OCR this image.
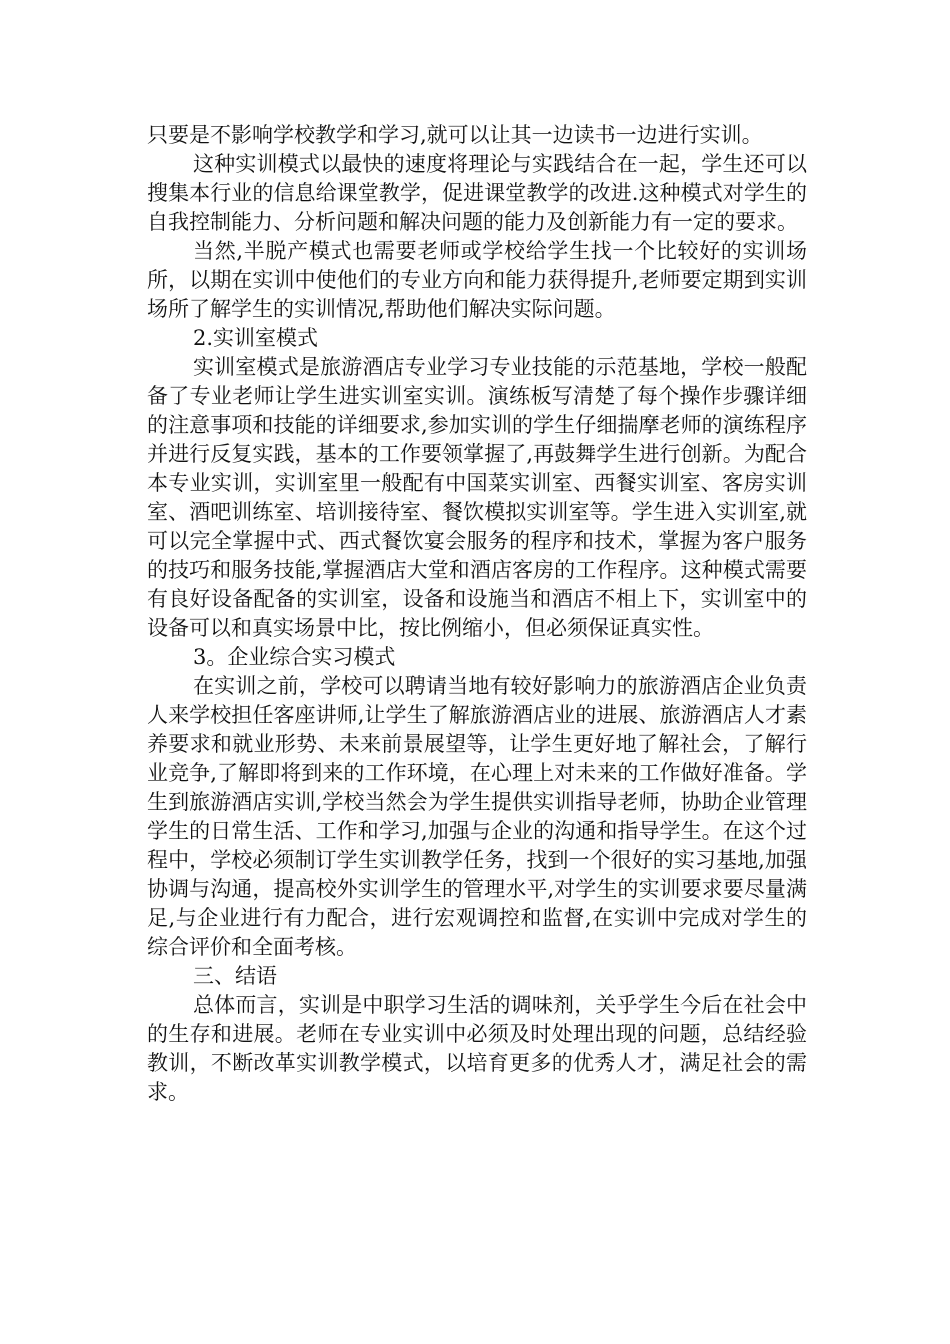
只要是不影响学校教学和学习,就可以让其一边读书一边进行实训。

这种实训模式以最快的速度将理论与实践结合在一起，学生还可以搜集本行业的信息给课堂教学，促进课堂教学的改进.这种模式对学生的自我控制能力、分析问题和解决问题的能力及创新能力有一定的要求。

当然,半脱产模式也需要老师或学校给学生找一个比较好的实训场所，以期在实训中使他们的专业方向和能力获得提升,老师要定期到实训场所了解学生的实训情况,帮助他们解决实际问题。

2.实训室模式

实训室模式是旅游酒店专业学习专业技能的示范基地，学校一般配备了专业老师让学生进实训室实训。演练板写清楚了每个操作步骤详细的注意事项和技能的详细要求,参加实训的学生仔细揣摩老师的演练程序并进行反复实践，基本的工作要领掌握了,再鼓舞学生进行创新。为配合本专业实训，实训室里一般配有中国菜实训室、西餐实训室、客房实训室、酒吧训练室、培训接待室、餐饮模拟实训室等。学生进入实训室,就可以完全掌握中式、西式餐饮宴会服务的程序和技术，掌握为客户服务的技巧和服务技能,掌握酒店大堂和酒店客房的工作程序。这种模式需要有良好设备配备的实训室，设备和设施当和酒店不相上下，实训室中的设备可以和真实场景中比，按比例缩小，但必须保证真实性。

3。企业综合实习模式

在实训之前，学校可以聘请当地有较好影响力的旅游酒店企业负责人来学校担任客座讲师,让学生了解旅游酒店业的进展、旅游酒店人才素养要求和就业形势、未来前景展望等，让学生更好地了解社会，了解行业竞争,了解即将到来的工作环境，在心理上对未来的工作做好准备。学生到旅游酒店实训,学校当然会为学生提供实训指导老师，协助企业管理学生的日常生活、工作和学习,加强与企业的沟通和指导学生。在这个过程中，学校必须制订学生实训教学任务，找到一个很好的实习基地,加强协调与沟通，提高校外实训学生的管理水平,对学生的实训要求要尽量满足,与企业进行有力配合，进行宏观调控和监督,在实训中完成对学生的综合评价和全面考核。

三、结语

总体而言，实训是中职学习生活的调味剂，关乎学生今后在社会中的生存和进展。老师在专业实训中必须及时处理出现的问题，总结经验教训，不断改革实训教学模式，以培育更多的优秀人才，满足社会的需求。
